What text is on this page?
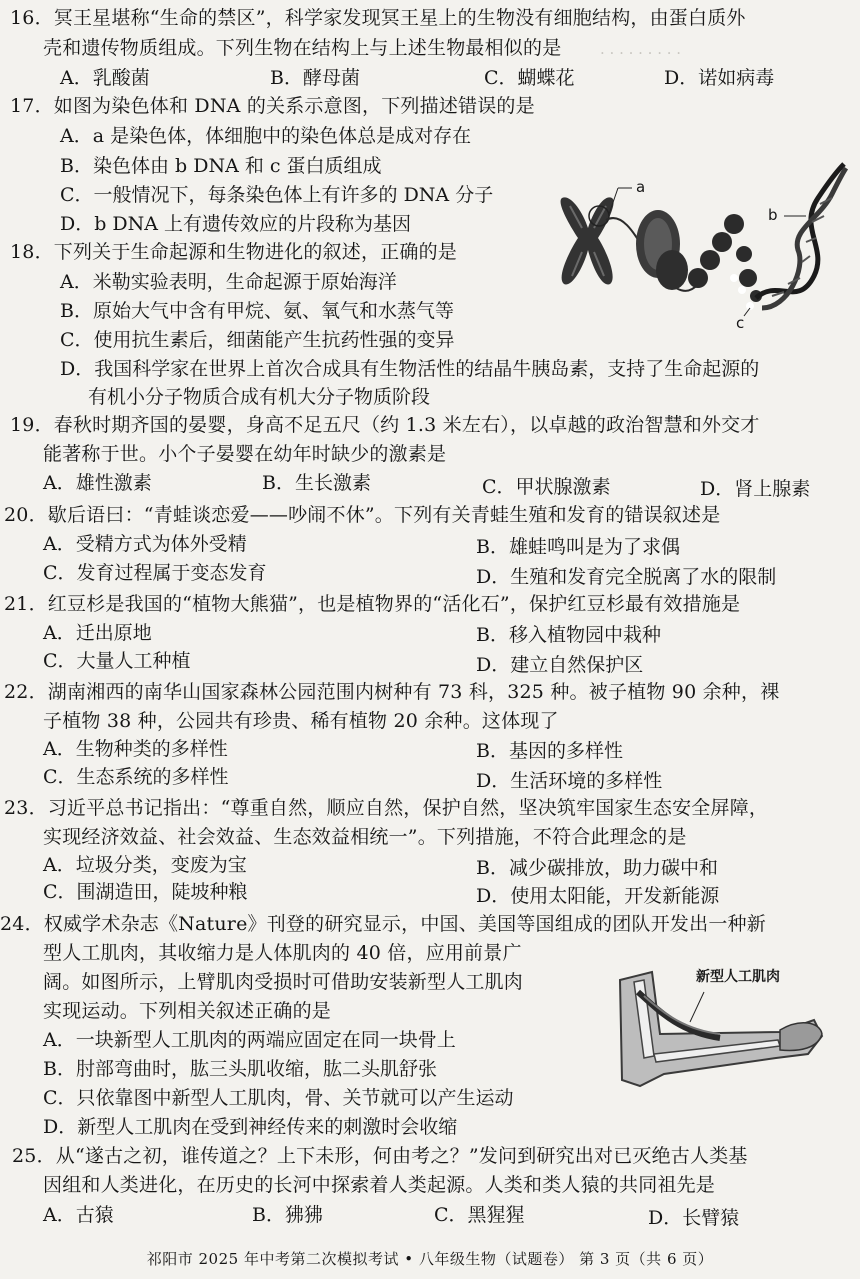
. . . . . . . . .
16．冥王星堪称“生命的禁区”，科学家发现冥王星上的生物没有细胞结构，由蛋白质外
壳和遗传物质组成。下列生物在结构上与上述生物最相似的是
A．乳酸菌	B．酵母菌	C．蝴蝶花	D．诺如病毒
17．如图为染色体和 DNA 的关系示意图，下列描述错误的是
A．a 是染色体，体细胞中的染色体总是成对存在
B．染色体由 b DNA 和 c 蛋白质组成
C．一般情况下，每条染色体上有许多的 DNA 分子
D．b DNA 上有遗传效应的片段称为基因
a
b
c
18．下列关于生命起源和生物进化的叙述，正确的是
A．米勒实验表明，生命起源于原始海洋
B．原始大气中含有甲烷、氨、氧气和水蒸气等
C．使用抗生素后，细菌能产生抗药性强的变异
D．我国科学家在世界上首次合成具有生物活性的结晶牛胰岛素，支持了生命起源的
有机小分子物质合成有机大分子物质阶段
19．春秋时期齐国的晏婴，身高不足五尺（约 1.3 米左右），以卓越的政治智慧和外交才
能著称于世。小个子晏婴在幼年时缺少的激素是
A．雄性激素	B．生长激素	C．甲状腺激素	D．肾上腺素
20．歇后语曰：“青蛙谈恋爱——吵闹不休”。下列有关青蛙生殖和发育的错误叙述是
A．受精方式为体外受精	B．雄蛙鸣叫是为了求偶
C．发育过程属于变态发育	D．生殖和发育完全脱离了水的限制
21．红豆杉是我国的“植物大熊猫”，也是植物界的“活化石”，保护红豆杉最有效措施是
A．迁出原地	B．移入植物园中栽种
C．大量人工种植	D．建立自然保护区
22．湖南湘西的南华山国家森林公园范围内树种有 73 科，325 种。被子植物 90 余种，裸
子植物 38 种，公园共有珍贵、稀有植物 20 余种。这体现了
A．生物种类的多样性	B．基因的多样性
C．生态系统的多样性	D．生活环境的多样性
23．习近平总书记指出：“尊重自然，顺应自然，保护自然，坚决筑牢国家生态安全屏障，
实现经济效益、社会效益、生态效益相统一”。下列措施，不符合此理念的是
A．垃圾分类，变废为宝	B．减少碳排放，助力碳中和
C．围湖造田，陡坡种粮	D．使用太阳能，开发新能源
24．权威学术杂志《Nature》刊登的研究显示，中国、美国等国组成的团队开发出一种新
型人工肌肉，其收缩力是人体肌肉的 40 倍，应用前景广
阔。如图所示，上臂肌肉受损时可借助安装新型人工肌肉
实现运动。下列相关叙述正确的是
A．一块新型人工肌肉的两端应固定在同一块骨上
B．肘部弯曲时，肱三头肌收缩，肱二头肌舒张
C．只依靠图中新型人工肌肉，骨、关节就可以产生运动
D．新型人工肌肉在受到神经传来的刺激时会收缩
新型人工肌肉
25．从“遂古之初，谁传道之？上下未形，何由考之？”发问到研究出对已灭绝古人类基
因组和人类进化，在历史的长河中探索着人类起源。人类和类人猿的共同祖先是
A．古猿	B．狒狒	C．黑猩猩	D．长臂猿
祁阳市 2025 年中考第二次模拟考试 • 八年级生物（试题卷） 第 3 页（共 6 页）
